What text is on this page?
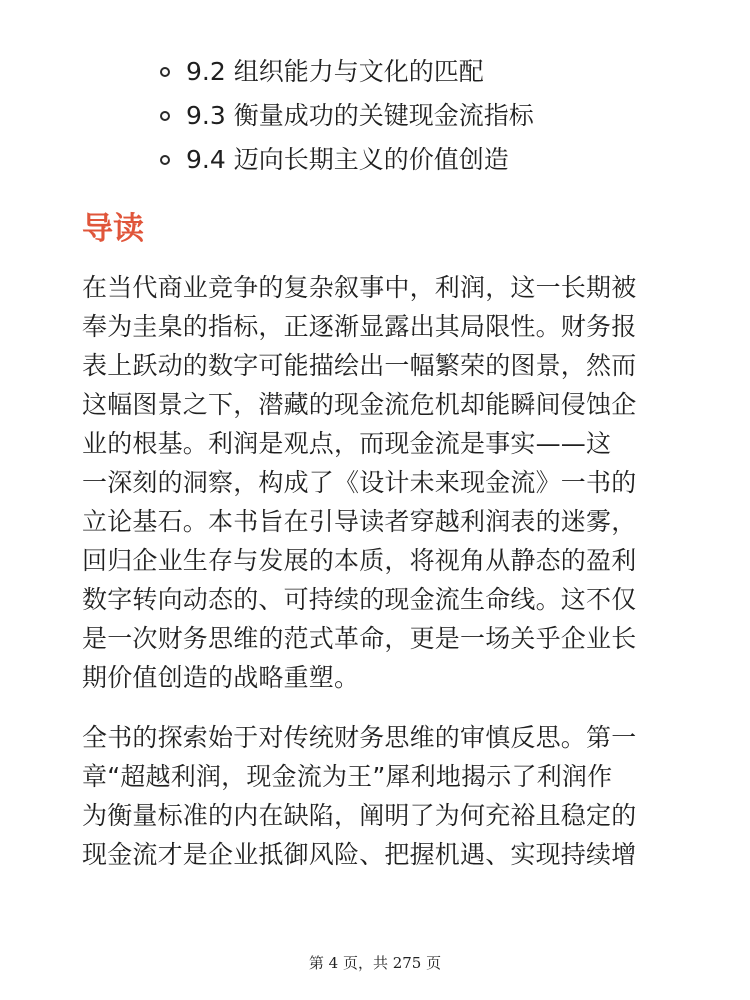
9.2 组织能力与文化的匹配
9.3 衡量成功的关键现金流指标
9.4 迈向长期主义的价值创造
导读

在当代商业竞争的复杂叙事中，利润，这一长期被
奉为圭臬的指标，正逐渐显露出其局限性。财务报
表上跃动的数字可能描绘出一幅繁荣的图景，然而
这幅图景之下，潜藏的现金流危机却能瞬间侵蚀企
业的根基。利润是观点，而现金流是事实——这
一深刻的洞察，构成了《设计未来现金流》一书的
立论基石。本书旨在引导读者穿越利润表的迷雾，
回归企业生存与发展的本质，将视角从静态的盈利
数字转向动态的、可持续的现金流生命线。这不仅
是一次财务思维的范式革命，更是一场关乎企业长
期价值创造的战略重塑。

全书的探索始于对传统财务思维的审慎反思。第一
章“超越利润，现金流为王”犀利地揭示了利润作
为衡量标准的内在缺陷，阐明了为何充裕且稳定的
现金流才是企业抵御风险、把握机遇、实现持续增

第 4 页，共 275 页
